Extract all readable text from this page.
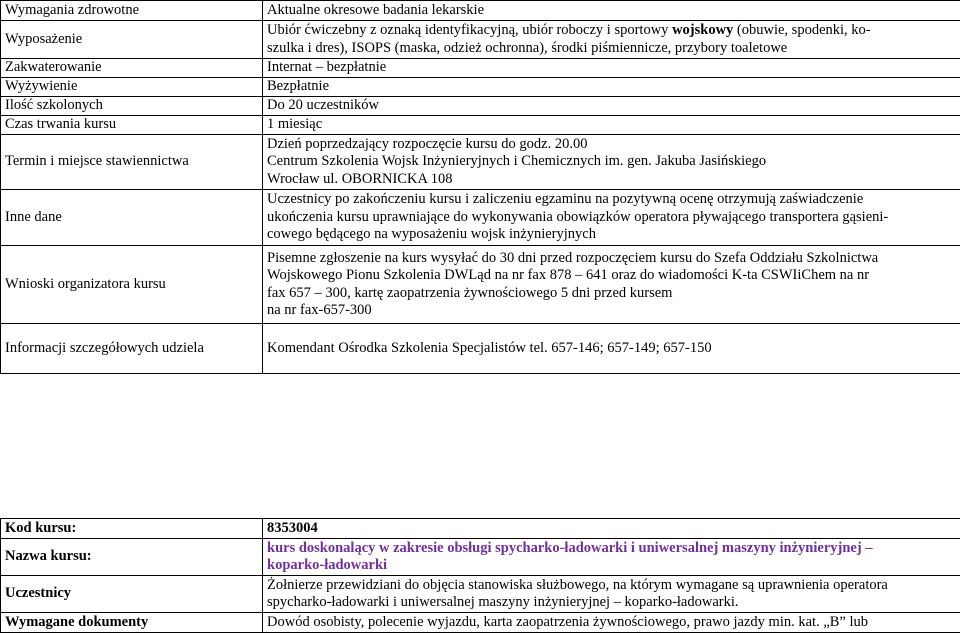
Wymagania zdrowotne	Aktualne okresowe badania lekarskie
Wyposażenie	Ubiór ćwiczebny z oznaką identyfikacyjną, ubiór roboczy i sportowy wojskowy (obuwie, spodenki, ko-
szulka i dres), ISOPS (maska, odzież ochronna), środki piśmiennicze, przybory toaletowe

Zakwaterowanie	Internat – bezpłatnie
Wyżywienie	Bezpłatnie
Ilość szkolonych	Do 20 uczestników
Czas trwania kursu	1 miesiąc
Termin i miejsce stawiennictwa	Dzień poprzedzający rozpoczęcie kursu do godz. 20.00
Centrum Szkolenia Wojsk Inżynieryjnych i Chemicznych im. gen. Jakuba Jasińskiego
Wrocław ul. OBORNICKA 108

Inne dane	Uczestnicy po zakończeniu kursu i zaliczeniu egzaminu na pozytywną ocenę otrzymują zaświadczenie
ukończenia kursu uprawniające do wykonywania obowiązków operatora pływającego transportera gąsieni-
cowego będącego na wyposażeniu wojsk inżynieryjnych

Wnioski organizatora kursu	Pisemne zgłoszenie na kurs wysyłać do 30 dni przed rozpoczęciem kursu do Szefa Oddziału Szkolnictwa
Wojskowego Pionu Szkolenia DWLąd na nr fax 878 – 641 oraz do wiadomości K-ta CSWIiChem na nr
fax 657 – 300, kartę zaopatrzenia żywnościowego 5 dni przed kursem
na nr fax-657-300

Informacji szczegółowych udziela	Komendant Ośrodka Szkolenia Specjalistów tel. 657-146; 657-149; 657-150
Kod kursu:	8353004
Nazwa kursu:	kurs doskonalący w zakresie obsługi spycharko-ładowarki i uniwersalnej maszyny inżynieryjnej –
koparko-ładowarki

Uczestnicy	Żołnierze przewidziani do objęcia stanowiska służbowego, na którym wymagane są uprawnienia operatora
spycharko-ładowarki i uniwersalnej maszyny inżynieryjnej – koparko-ładowarki.

Wymagane dokumenty	Dowód osobisty, polecenie wyjazdu, karta zaopatrzenia żywnościowego, prawo jazdy min. kat. „B” lub
